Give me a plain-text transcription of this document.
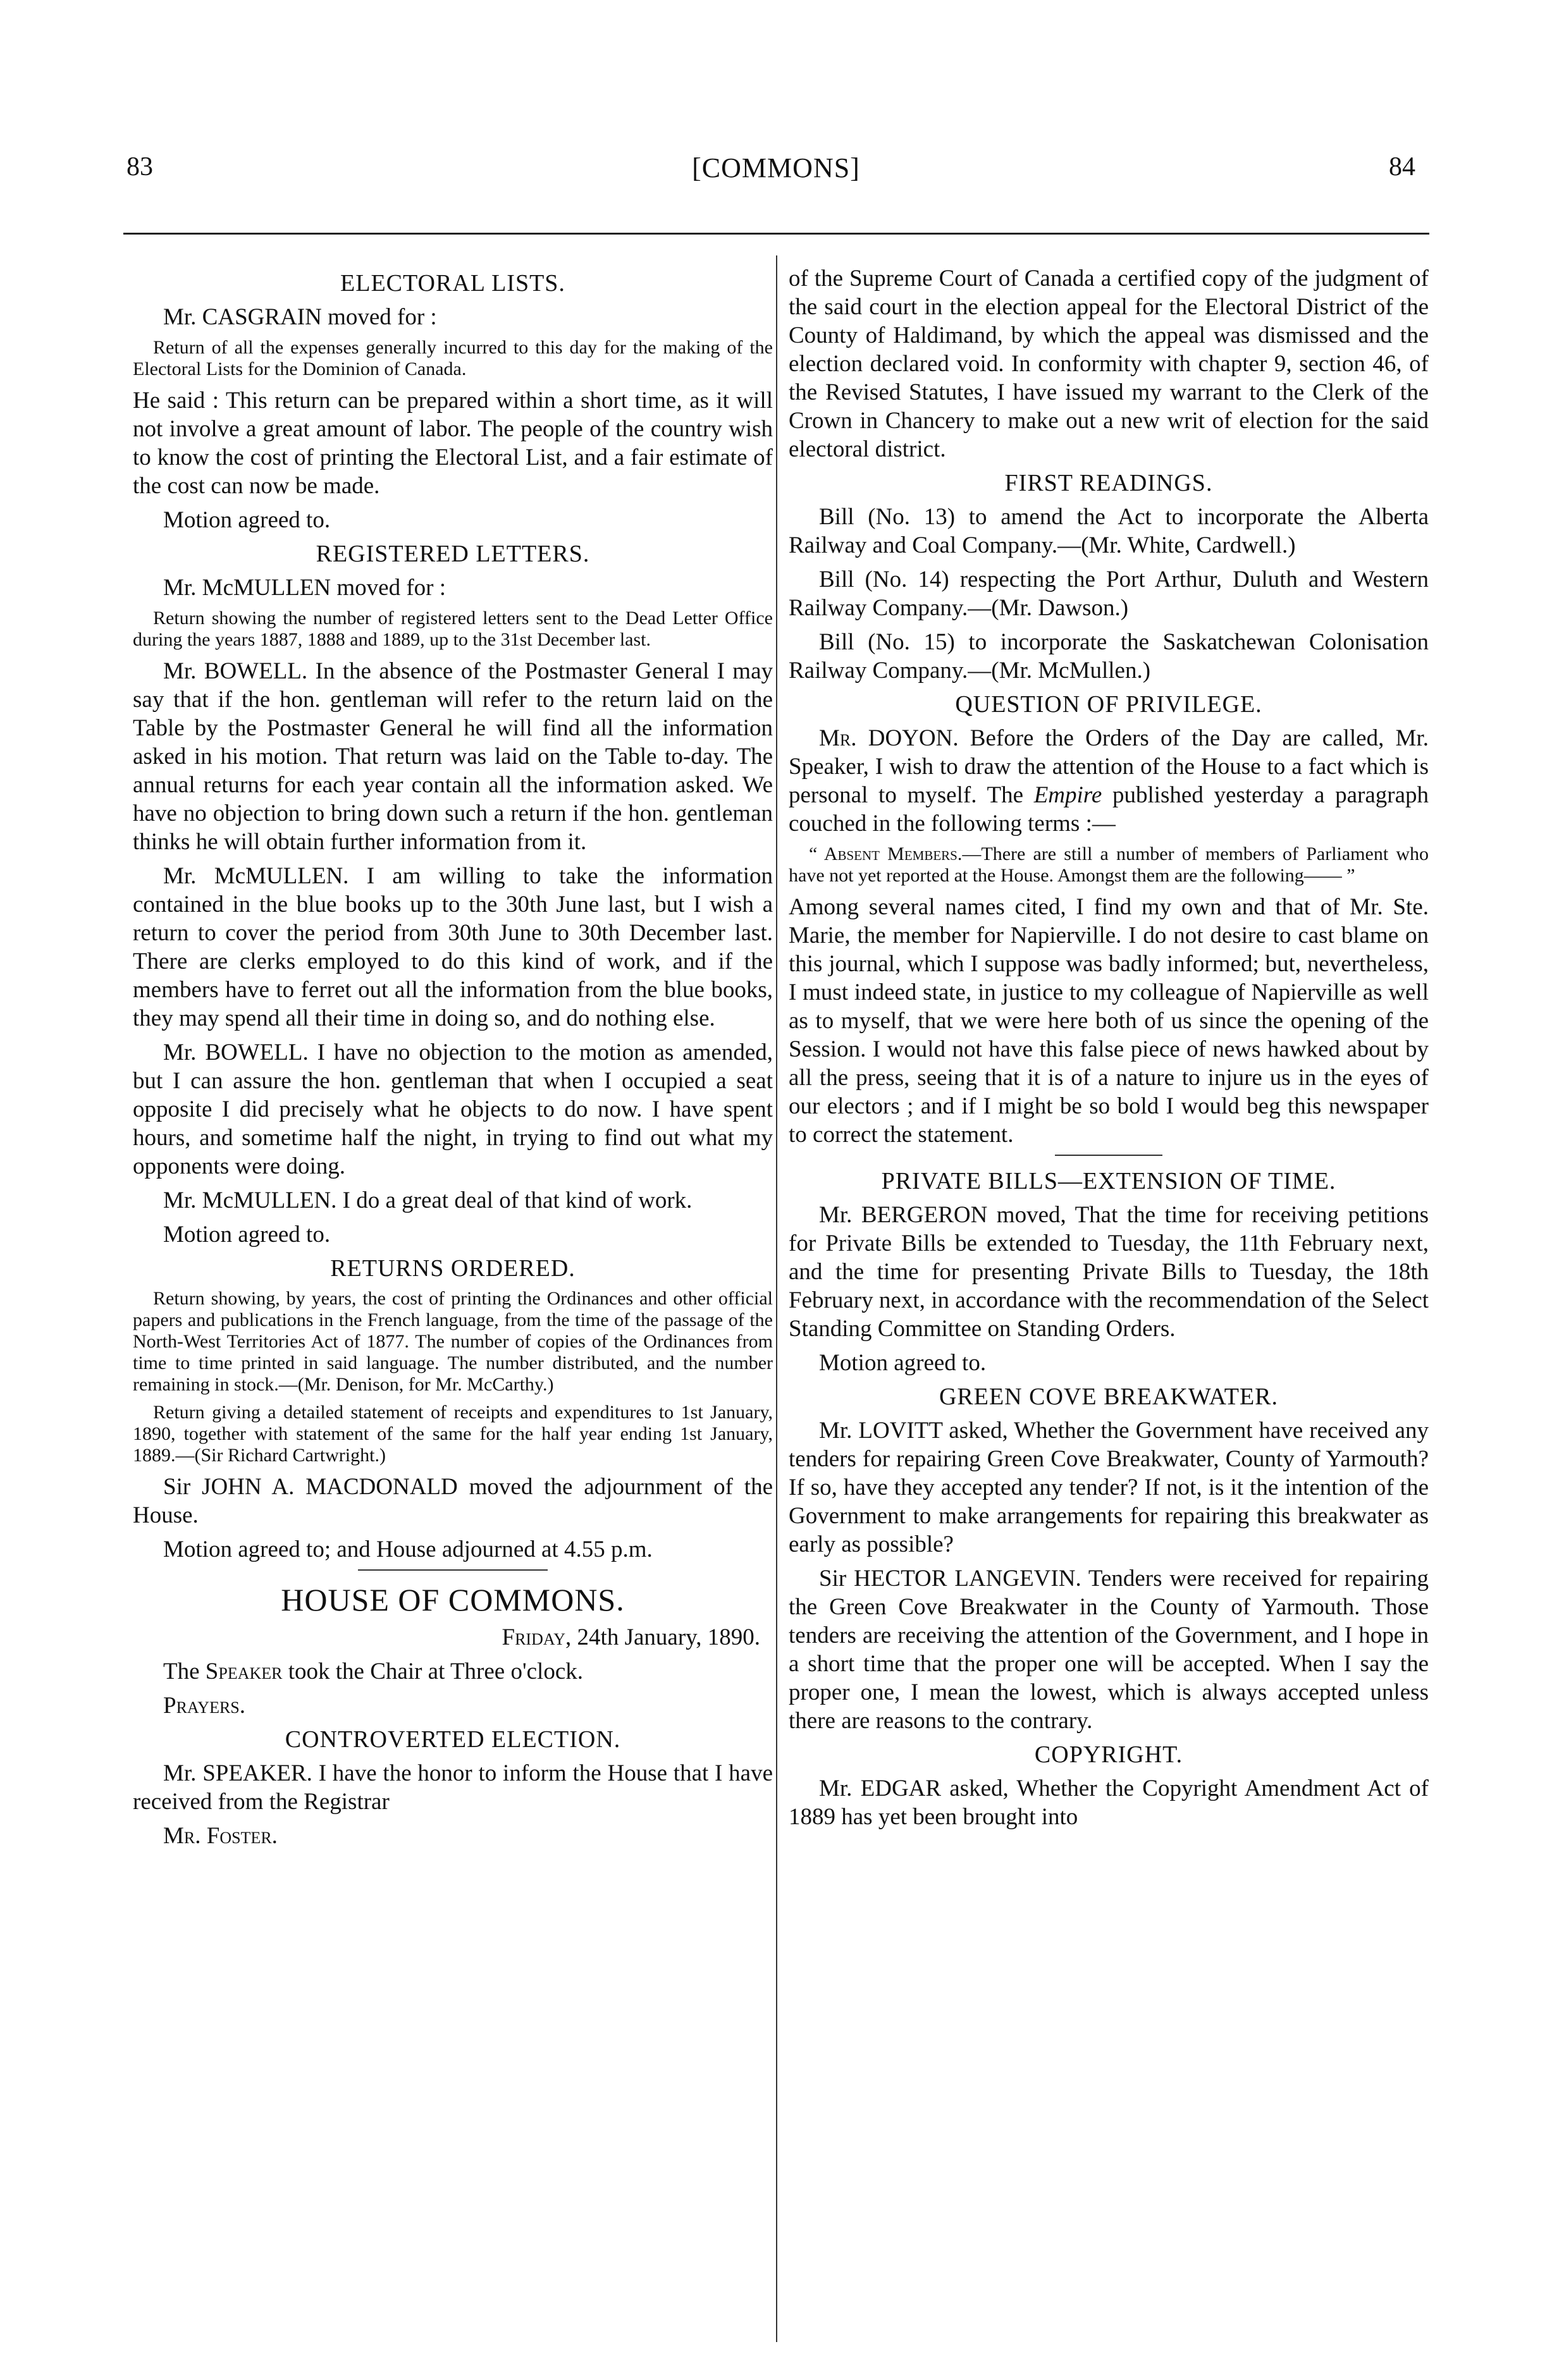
83	[COMMONS]	84
ELECTORAL LISTS.

Mr. CASGRAIN moved for :

Return of all the expenses generally incurred to this day for the making of the Electoral Lists for the Dominion of Canada.

He said : This return can be prepared within a short time, as it will not involve a great amount of labor. The people of the country wish to know the cost of printing the Electoral List, and a fair estimate of the cost can now be made.

Motion agreed to.

REGISTERED LETTERS.

Mr. McMULLEN moved for :

Return showing the number of registered letters sent to the Dead Letter Office during the years 1887, 1888 and 1889, up to the 31st December last.

Mr. BOWELL. In the absence of the Postmaster General I may say that if the hon. gentleman will refer to the return laid on the Table by the Postmaster General he will find all the information asked in his motion. That return was laid on the Table to-day. The annual returns for each year contain all the information asked. We have no objection to bring down such a return if the hon. gentleman thinks he will obtain further information from it.

Mr. McMULLEN. I am willing to take the information contained in the blue books up to the 30th June last, but I wish a return to cover the period from 30th June to 30th December last. There are clerks employed to do this kind of work, and if the members have to ferret out all the information from the blue books, they may spend all their time in doing so, and do nothing else.

Mr. BOWELL. I have no objection to the motion as amended, but I can assure the hon. gentleman that when I occupied a seat opposite I did precisely what he objects to do now. I have spent hours, and sometime half the night, in trying to find out what my opponents were doing.

Mr. McMULLEN. I do a great deal of that kind of work.

Motion agreed to.

RETURNS ORDERED.

Return showing, by years, the cost of printing the Ordinances and other official papers and publications in the French language, from the time of the passage of the North-West Territories Act of 1877. The number of copies of the Ordinances from time to time printed in said language. The number distributed, and the number remaining in stock.—(Mr. Denison, for Mr. McCarthy.)

Return giving a detailed statement of receipts and expenditures to 1st January, 1890, together with statement of the same for the half year ending 1st January, 1889.—(Sir Richard Cartwright.)

Sir JOHN A. MACDONALD moved the adjournment of the House.

Motion agreed to; and House adjourned at 4.55 p.m.

HOUSE OF COMMONS.

Friday, 24th January, 1890.

The Speaker took the Chair at Three o'clock.

Prayers.

CONTROVERTED ELECTION.

Mr. SPEAKER. I have the honor to inform the House that I have received from the Registrar

Mr. Foster.

of the Supreme Court of Canada a certified copy of the judgment of the said court in the election appeal for the Electoral District of the County of Haldimand, by which the appeal was dismissed and the election declared void. In conformity with chapter 9, section 46, of the Revised Statutes, I have issued my warrant to the Clerk of the Crown in Chancery to make out a new writ of election for the said electoral district.

FIRST READINGS.

Bill (No. 13) to amend the Act to incorporate the Alberta Railway and Coal Company.—(Mr. White, Cardwell.)

Bill (No. 14) respecting the Port Arthur, Duluth and Western Railway Company.—(Mr. Dawson.)

Bill (No. 15) to incorporate the Saskatchewan Colonisation Railway Company.—(Mr. McMullen.)

QUESTION OF PRIVILEGE.

Mr. DOYON. Before the Orders of the Day are called, Mr. Speaker, I wish to draw the attention of the House to a fact which is personal to myself. The Empire published yesterday a paragraph couched in the following terms :—

“ Absent Members.—There are still a number of members of Parliament who have not yet reported at the House. Amongst them are the following—— ”

Among several names cited, I find my own and that of Mr. Ste. Marie, the member for Napierville. I do not desire to cast blame on this journal, which I suppose was badly informed; but, nevertheless, I must indeed state, in justice to my colleague of Napierville as well as to myself, that we were here both of us since the opening of the Session. I would not have this false piece of news hawked about by all the press, seeing that it is of a nature to injure us in the eyes of our electors ; and if I might be so bold I would beg this newspaper to correct the statement.

PRIVATE BILLS—EXTENSION OF TIME.

Mr. BERGERON moved, That the time for receiving petitions for Private Bills be extended to Tuesday, the 11th February next, and the time for presenting Private Bills to Tuesday, the 18th February next, in accordance with the recommendation of the Select Standing Committee on Standing Orders.

Motion agreed to.

GREEN COVE BREAKWATER.

Mr. LOVITT asked, Whether the Government have received any tenders for repairing Green Cove Breakwater, County of Yarmouth? If so, have they accepted any tender? If not, is it the intention of the Government to make arrangements for repairing this breakwater as early as possible?

Sir HECTOR LANGEVIN. Tenders were received for repairing the Green Cove Breakwater in the County of Yarmouth. Those tenders are receiving the attention of the Government, and I hope in a short time that the proper one will be accepted. When I say the proper one, I mean the lowest, which is always accepted unless there are reasons to the contrary.

COPYRIGHT.

Mr. EDGAR asked, Whether the Copyright Amendment Act of 1889 has yet been brought into
